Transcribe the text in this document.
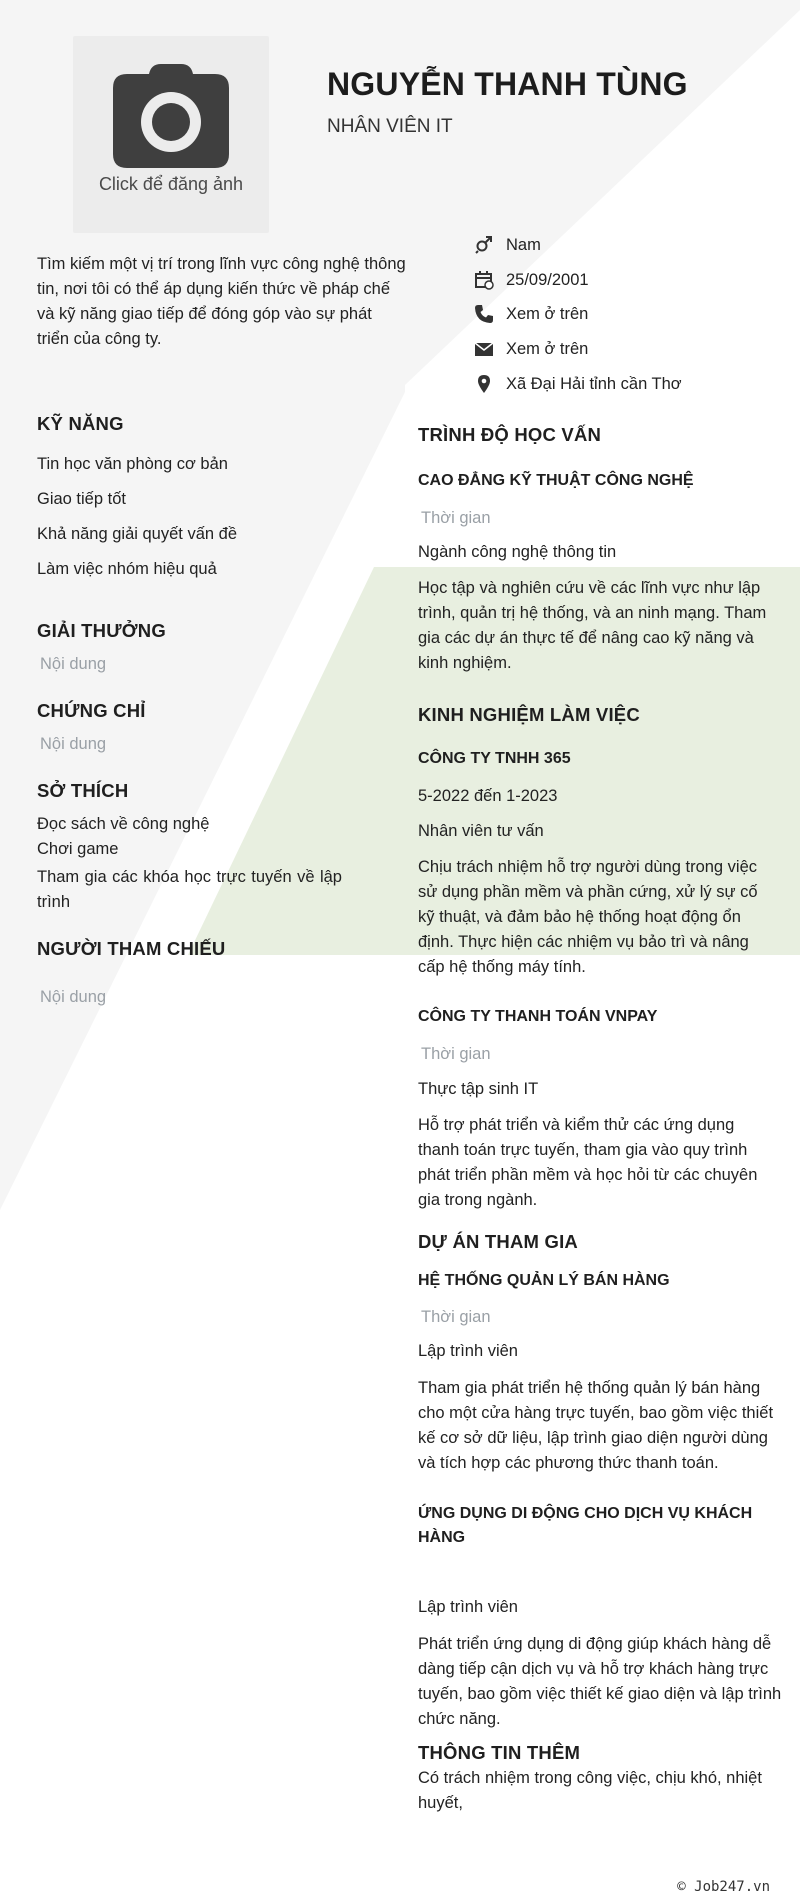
Click để đăng ảnh
NGUYỄN THANH TÙNG
NHÂN VIÊN IT
Tìm kiếm một vị trí trong lĩnh vực công nghệ thông tin, nơi tôi có thể áp dụng kiến thức về pháp chế và kỹ năng giao tiếp để đóng góp vào sự phát triển của công ty.
Nam
25/09/2001
Xem ở trên
Xem ở trên
Xã Đại Hải tỉnh cần Thơ
KỸ NĂNG
Tin học văn phòng cơ bản
Giao tiếp tốt
Khả năng giải quyết vấn đề
Làm việc nhóm hiệu quả
GIẢI THƯỞNG
Nội dung
CHỨNG CHỈ
Nội dung
SỞ THÍCH
Đọc sách về công nghệ
Chơi game
Tham gia các khóa học trực tuyến về lập trình
NGƯỜI THAM CHIẾU
Nội dung
TRÌNH ĐỘ HỌC VẤN
CAO ĐẲNG KỸ THUẬT CÔNG NGHỆ
Thời gian
Ngành công nghệ thông tin
Học tập và nghiên cứu về các lĩnh vực như lập trình, quản trị hệ thống, và an ninh mạng. Tham gia các dự án thực tế để nâng cao kỹ năng và kinh nghiệm.
KINH NGHIỆM LÀM VIỆC
CÔNG TY TNHH 365
5-2022 đến 1-2023
Nhân viên tư vấn
Chịu trách nhiệm hỗ trợ người dùng trong việc sử dụng phần mềm và phần cứng, xử lý sự cố kỹ thuật, và đảm bảo hệ thống hoạt động ổn định. Thực hiện các nhiệm vụ bảo trì và nâng cấp hệ thống máy tính.
CÔNG TY THANH TOÁN VNPAY
Thời gian
Thực tập sinh IT
Hỗ trợ phát triển và kiểm thử các ứng dụng thanh toán trực tuyến, tham gia vào quy trình phát triển phần mềm và học hỏi từ các chuyên gia trong ngành.
DỰ ÁN THAM GIA
HỆ THỐNG QUẢN LÝ BÁN HÀNG
Thời gian
Lập trình viên
Tham gia phát triển hệ thống quản lý bán hàng cho một cửa hàng trực tuyến, bao gồm việc thiết kế cơ sở dữ liệu, lập trình giao diện người dùng và tích hợp các phương thức thanh toán.
ỨNG DỤNG DI ĐỘNG CHO DỊCH VỤ KHÁCH HÀNG
Lập trình viên
Phát triển ứng dụng di động giúp khách hàng dễ dàng tiếp cận dịch vụ và hỗ trợ khách hàng trực tuyến, bao gồm việc thiết kế giao diện và lập trình chức năng.
THÔNG TIN THÊM
Có trách nhiệm trong công việc, chịu khó, nhiệt huyết,
© Job247.vn
